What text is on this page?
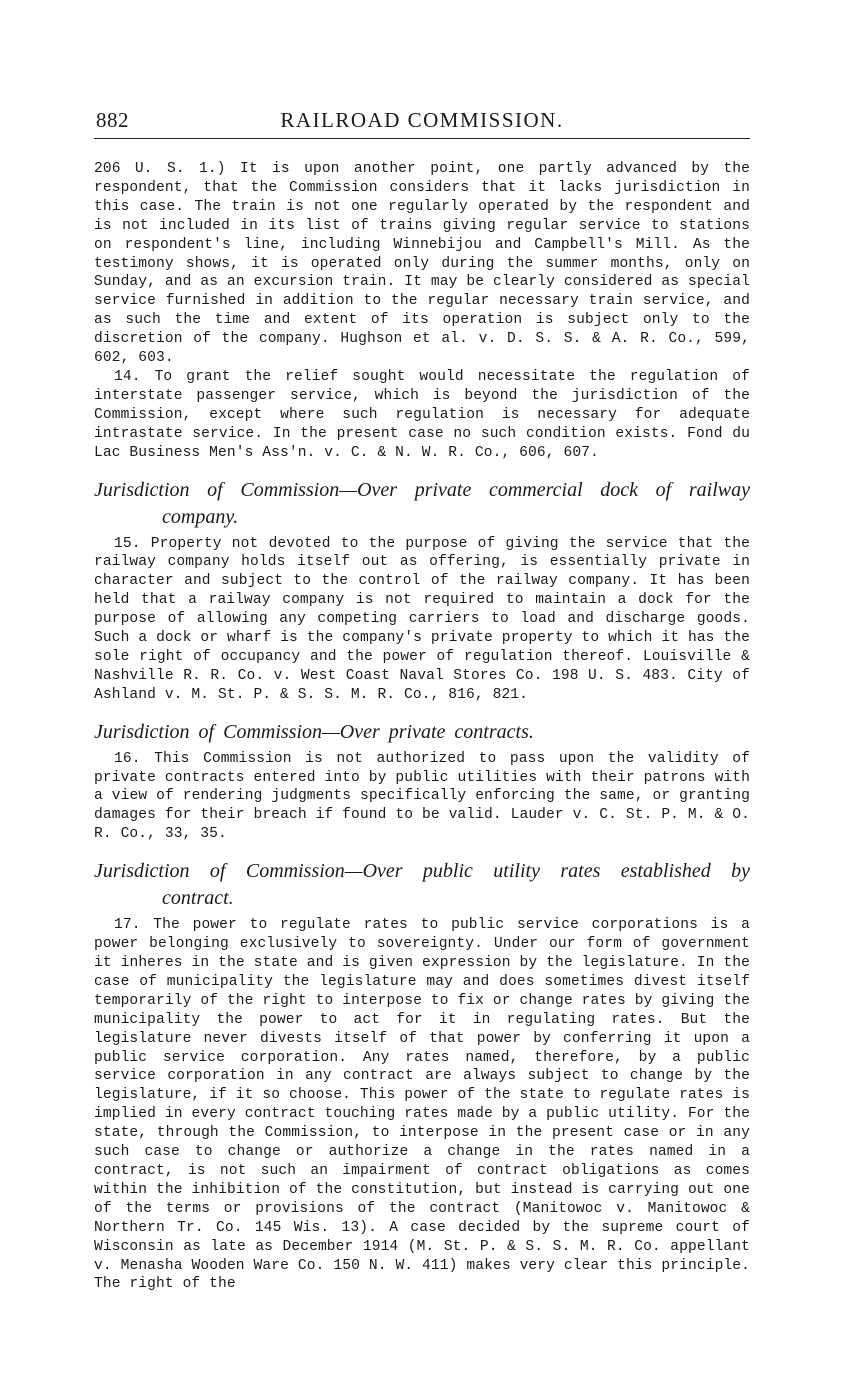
882	RAILROAD COMMISSION.

206 U. S. 1.) It is upon another point, one partly advanced by the respondent, that the Commission considers that it lacks jurisdiction in this case. The train is not one regularly operated by the respondent and is not included in its list of trains giving regular service to stations on respondent's line, including Winnebijou and Campbell's Mill. As the testimony shows, it is operated only during the summer months, only on Sunday, and as an excursion train. It may be clearly considered as special service furnished in addition to the regular necessary train service, and as such the time and extent of its operation is subject only to the discretion of the company. Hughson et al. v. D. S. S. & A. R. Co., 599, 602, 603.

14. To grant the relief sought would necessitate the regulation of interstate passenger service, which is beyond the jurisdiction of the Commission, except where such regulation is necessary for adequate intrastate service. In the present case no such condition exists. Fond du Lac Business Men's Ass'n. v. C. & N. W. R. Co., 606, 607.

Jurisdiction of Commission—Over private commercial dock of railway company.

15. Property not devoted to the purpose of giving the service that the railway company holds itself out as offering, is essentially private in character and subject to the control of the railway company. It has been held that a railway company is not required to maintain a dock for the purpose of allowing any competing carriers to load and discharge goods. Such a dock or wharf is the company's private property to which it has the sole right of occupancy and the power of regulation thereof. Louisville & Nashville R. R. Co. v. West Coast Naval Stores Co. 198 U. S. 483. City of Ashland v. M. St. P. & S. S. M. R. Co., 816, 821.

Jurisdiction of Commission—Over private contracts.

16. This Commission is not authorized to pass upon the validity of private contracts entered into by public utilities with their patrons with a view of rendering judgments specifically enforcing the same, or granting damages for their breach if found to be valid. Lauder v. C. St. P. M. & O. R. Co., 33, 35.

Jurisdiction of Commission—Over public utility rates established by contract.

17. The power to regulate rates to public service corporations is a power belonging exclusively to sovereignty. Under our form of government it inheres in the state and is given expression by the legislature. In the case of municipality the legislature may and does sometimes divest itself temporarily of the right to interpose to fix or change rates by giving the municipality the power to act for it in regulating rates. But the legislature never divests itself of that power by conferring it upon a public service corporation. Any rates named, therefore, by a public service corporation in any contract are always subject to change by the legislature, if it so choose. This power of the state to regulate rates is implied in every contract touching rates made by a public utility. For the state, through the Commission, to interpose in the present case or in any such case to change or authorize a change in the rates named in a contract, is not such an impairment of contract obligations as comes within the inhibition of the constitution, but instead is carrying out one of the terms or provisions of the contract (Manitowoc v. Manitowoc & Northern Tr. Co. 145 Wis. 13). A case decided by the supreme court of Wisconsin as late as December 1914 (M. St. P. & S. S. M. R. Co. appellant v. Menasha Wooden Ware Co. 150 N. W. 411) makes very clear this principle. The right of the
